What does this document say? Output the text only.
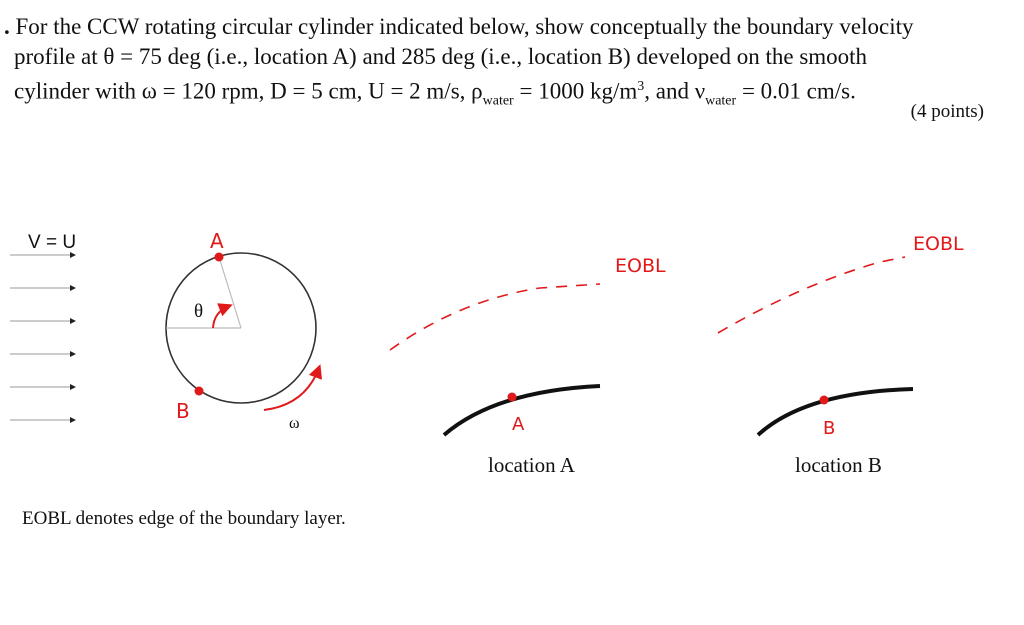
. For the CCW rotating circular cylinder indicated below, show conceptually the boundary velocity
profile at θ = 75 deg (i.e., location A) and 285 deg (i.e., location B) developed on the smooth
cylinder with ω = 120 rpm, D = 5 cm, U = 2 m/s, $\rho_{water} = 1000$ $kg/m^3$, and $\nu_{water} = 0.01$ cm/s.
(4 points)
V = U
θ
A
B
ω
EOBL
A
EOBL
B
location A	location B
EOBL denotes edge of the boundary layer.
